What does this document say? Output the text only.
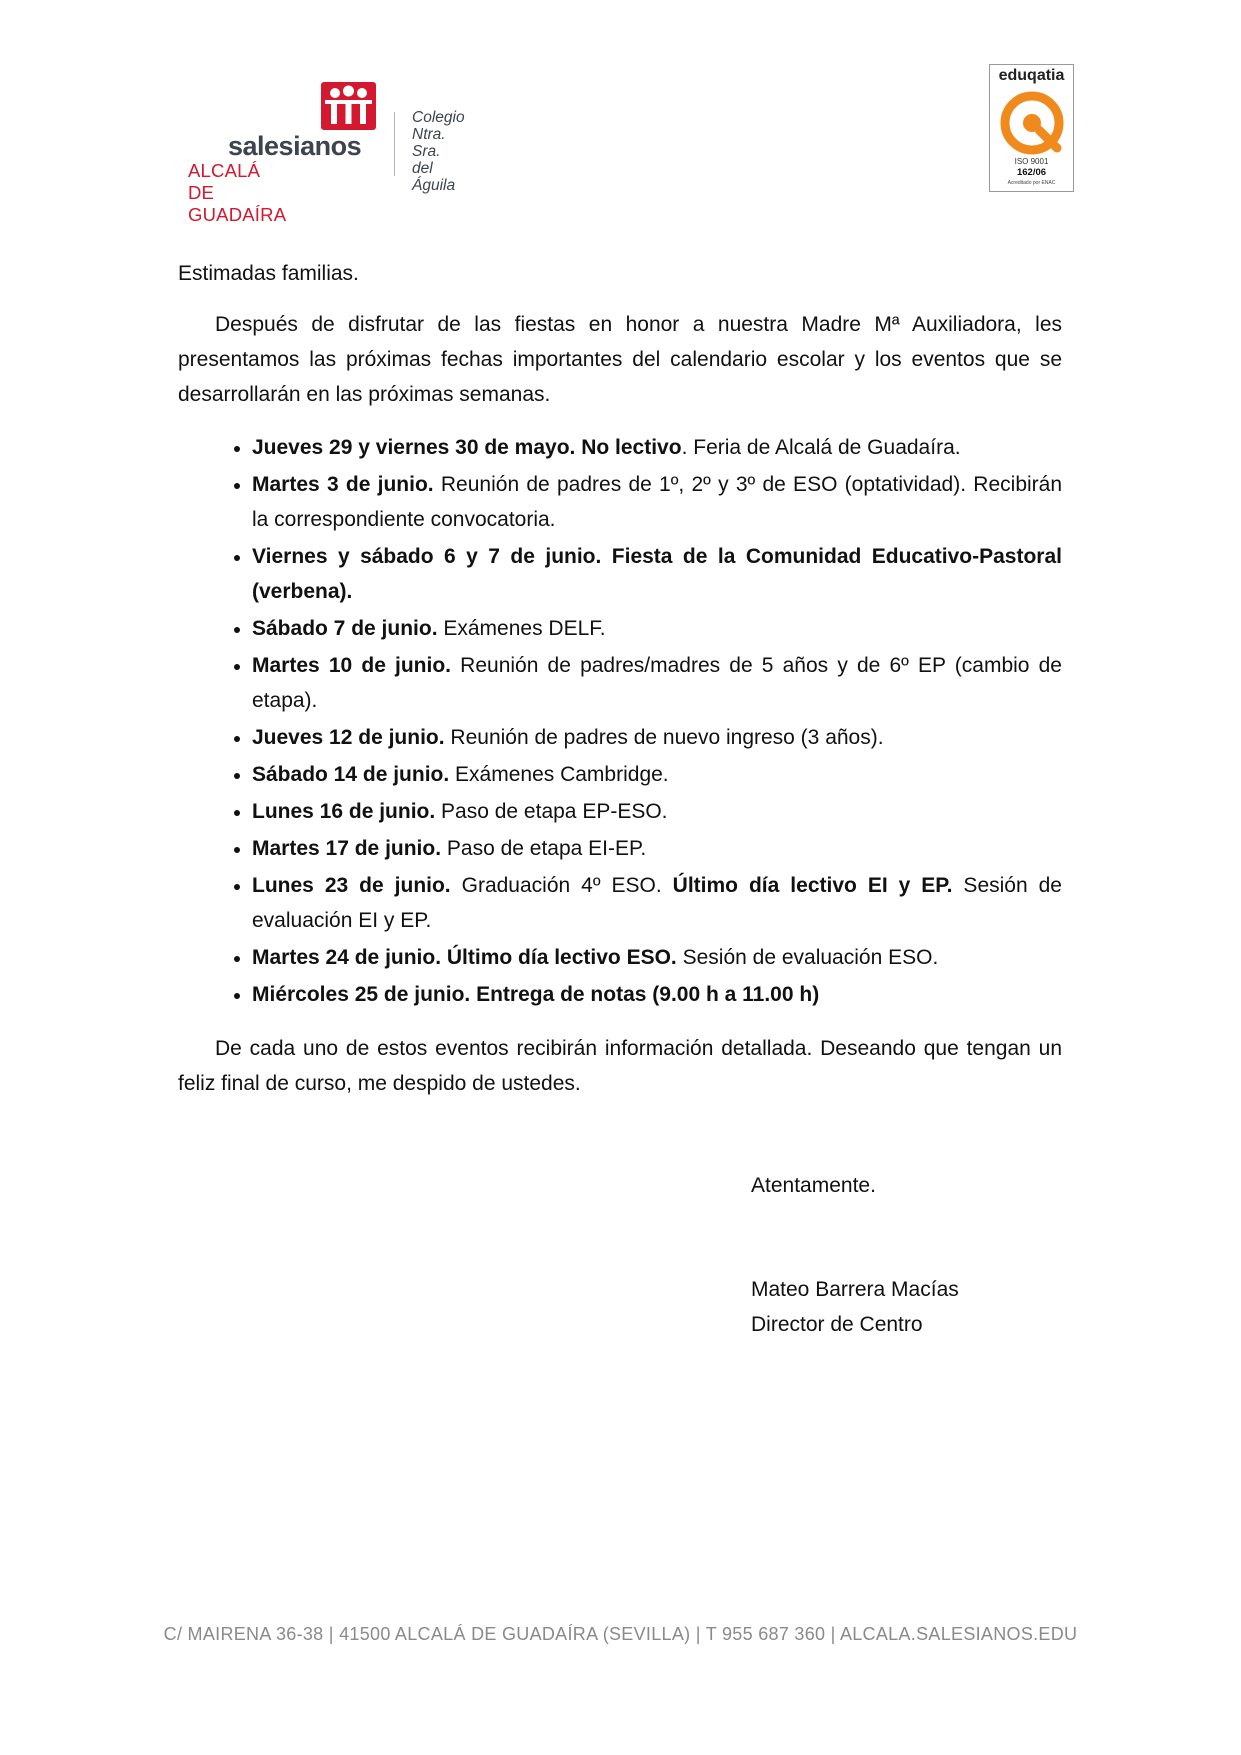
salesianos
ALCALÁ DE GUADAÍRA
Colegio
Ntra. Sra.
del Águila
eduqatia
ISO 9001
162/06
Acreditado por ENAC
Estimadas familias.
Después de disfrutar de las fiestas en honor a nuestra Madre Mª Auxiliadora, les presentamos las próximas fechas importantes del calendario escolar y los eventos que se desarrollarán en las próximas semanas.
• Jueves 29 y viernes 30 de mayo. No lectivo. Feria de Alcalá de Guadaíra.
• Martes 3 de junio. Reunión de padres de 1º, 2º y 3º de ESO (optatividad). Recibirán la correspondiente convocatoria.
• Viernes y sábado 6 y 7 de junio. Fiesta de la Comunidad Educativo-Pastoral (verbena).
• Sábado 7 de junio. Exámenes DELF.
• Martes 10 de junio. Reunión de padres/madres de 5 años y de 6º EP (cambio de etapa).
• Jueves 12 de junio. Reunión de padres de nuevo ingreso (3 años).
• Sábado 14 de junio. Exámenes Cambridge.
• Lunes 16 de junio. Paso de etapa EP-ESO.
• Martes 17 de junio. Paso de etapa EI-EP.
• Lunes 23 de junio. Graduación 4º ESO. Último día lectivo EI y EP. Sesión de evaluación EI y EP.
• Martes 24 de junio. Último día lectivo ESO. Sesión de evaluación ESO.
• Miércoles 25 de junio. Entrega de notas (9.00 h a 11.00 h)
De cada uno de estos eventos recibirán información detallada. Deseando que tengan un feliz final de curso, me despido de ustedes.
Atentamente.
Mateo Barrera Macías
Director de Centro
C/ MAIRENA 36-38 | 41500 ALCALÁ DE GUADAÍRA (SEVILLA) | T 955 687 360 | ALCALA.SALESIANOS.EDU
